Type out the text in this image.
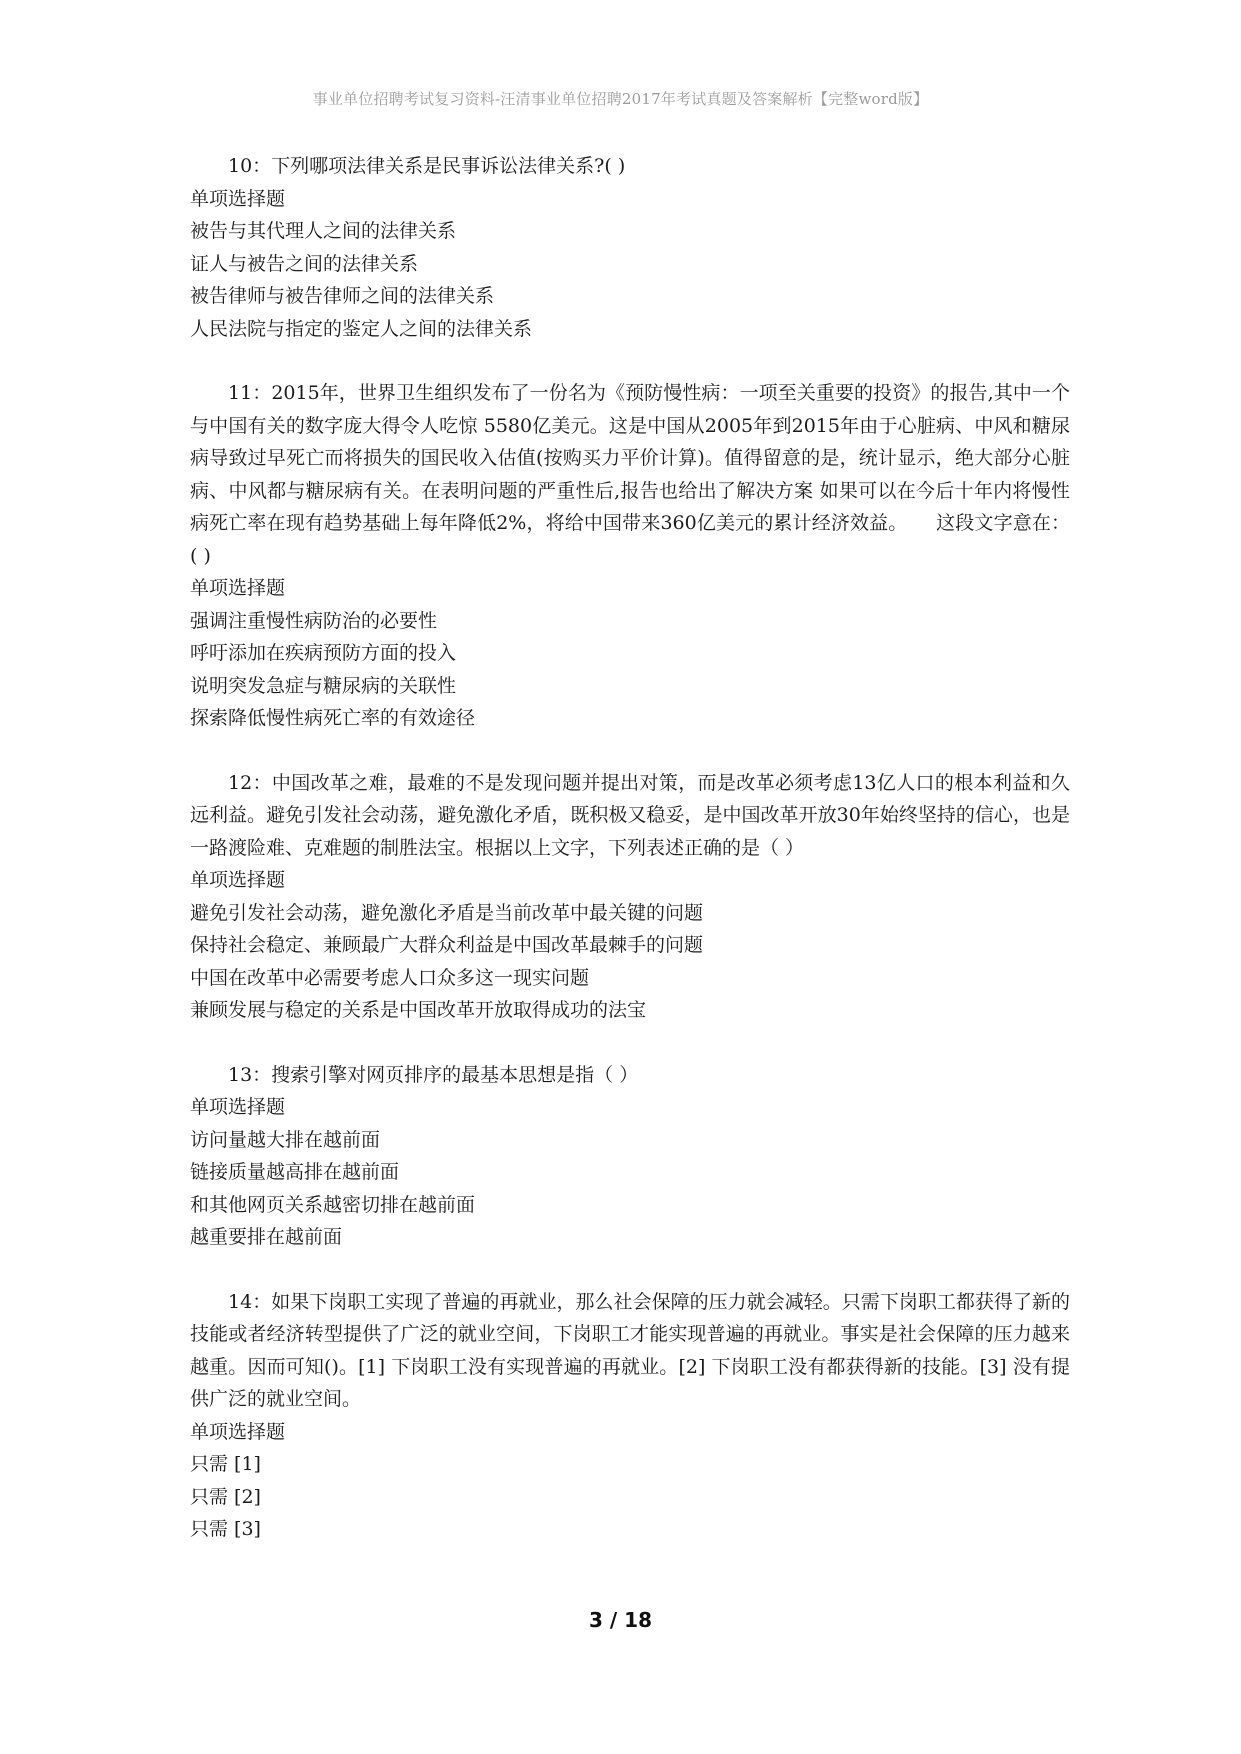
事业单位招聘考试复习资料-汪清事业单位招聘2017年考试真题及答案解析【完整word版】

10：下列哪项法律关系是民事诉讼法律关系?( )

单项选择题

被告与其代理人之间的法律关系

证人与被告之间的法律关系

被告律师与被告律师之间的法律关系

人民法院与指定的鉴定人之间的法律关系

11：2015年，世界卫生组织发布了一份名为《预防慢性病：一项至关重要的投资》的报告,其中一个与中国有关的数字庞大得令人吃惊 5580亿美元。这是中国从2005年到2015年由于心脏病、中风和糖尿病导致过早死亡而将损失的国民收入估值(按购买力平价计算)。值得留意的是，统计显示，绝大部分心脏病、中风都与糖尿病有关。在表明问题的严重性后,报告也给出了解决方案 如果可以在今后十年内将慢性病死亡率在现有趋势基础上每年降低2%，将给中国带来360亿美元的累计经济效益。　　这段文字意在：( )

单项选择题

强调注重慢性病防治的必要性

呼吁添加在疾病预防方面的投入

说明突发急症与糖尿病的关联性

探索降低慢性病死亡率的有效途径

12：中国改革之难，最难的不是发现问题并提出对策，而是改革必须考虑13亿人口的根本利益和久远利益。避免引发社会动荡，避免激化矛盾，既积极又稳妥，是中国改革开放30年始终坚持的信心，也是一路渡险难、克难题的制胜法宝。根据以上文字，下列表述正确的是（ ）

单项选择题

避免引发社会动荡，避免激化矛盾是当前改革中最关键的问题

保持社会稳定、兼顾最广大群众利益是中国改革最棘手的问题

中国在改革中必需要考虑人口众多这一现实问题

兼顾发展与稳定的关系是中国改革开放取得成功的法宝

13：搜索引擎对网页排序的最基本思想是指（ ）

单项选择题

访问量越大排在越前面

链接质量越高排在越前面

和其他网页关系越密切排在越前面

越重要排在越前面

14：如果下岗职工实现了普遍的再就业，那么社会保障的压力就会减轻。只需下岗职工都获得了新的技能或者经济转型提供了广泛的就业空间，下岗职工才能实现普遍的再就业。事实是社会保障的压力越来越重。因而可知()。[1] 下岗职工没有实现普遍的再就业。[2] 下岗职工没有都获得新的技能。[3] 没有提供广泛的就业空间。

单项选择题

只需 [1]

只需 [2]

只需 [3]

3 / 18
